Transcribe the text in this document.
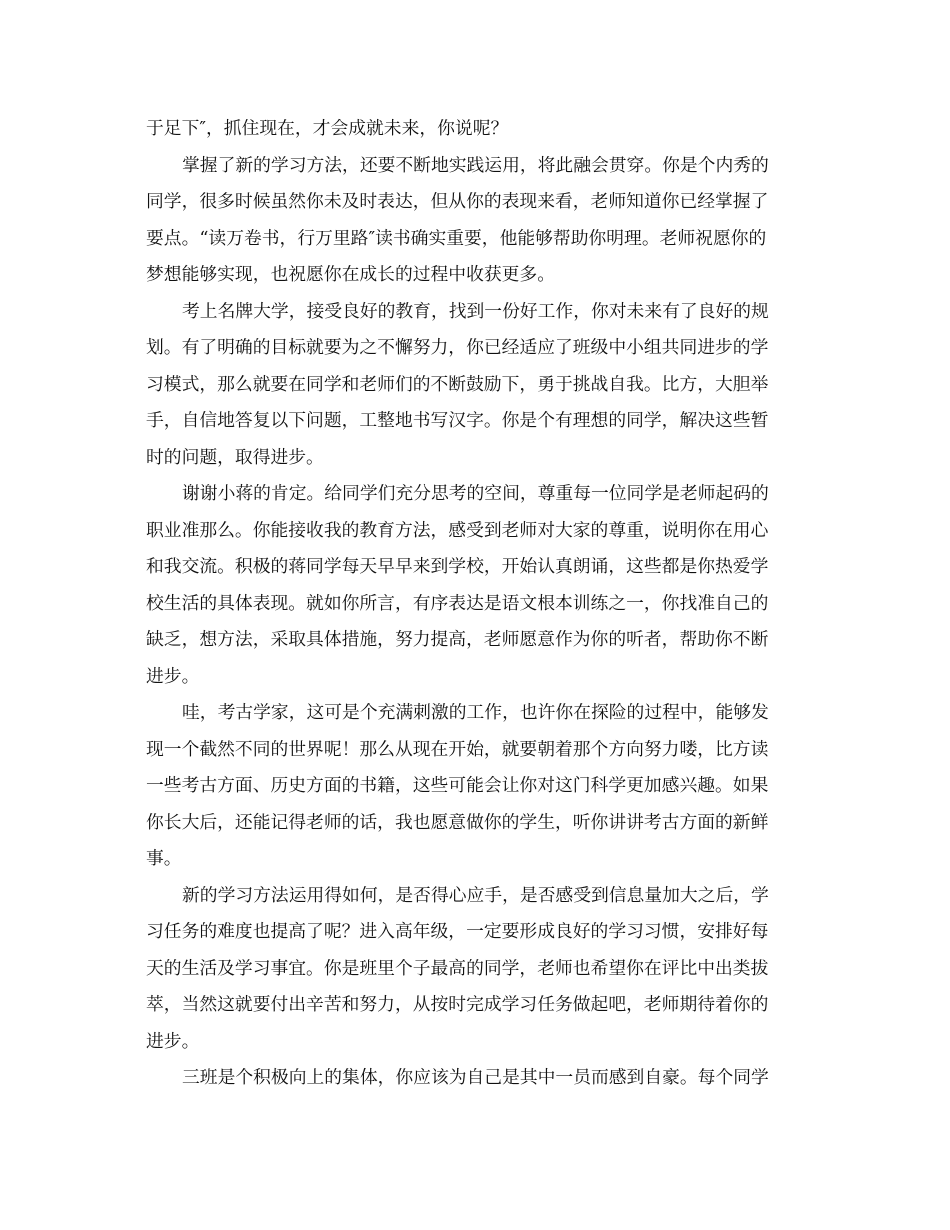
于足下″，抓住现在，才会成就未来，你说呢？
掌握了新的学习方法，还要不断地实践运用，将此融会贯穿。你是个内秀的
同学，很多时候虽然你未及时表达，但从你的表现来看，老师知道你已经掌握了
要点。“读万卷书，行万里路″读书确实重要，他能够帮助你明理。老师祝愿你的
梦想能够实现，也祝愿你在成长的过程中收获更多。
考上名牌大学，接受良好的教育，找到一份好工作，你对未来有了良好的规
划。有了明确的目标就要为之不懈努力，你已经适应了班级中小组共同进步的学
习模式，那么就要在同学和老师们的不断鼓励下，勇于挑战自我。比方，大胆举
手，自信地答复以下问题，工整地书写汉字。你是个有理想的同学，解决这些暂
时的问题，取得进步。
谢谢小蒋的肯定。给同学们充分思考的空间，尊重每一位同学是老师起码的
职业准那么。你能接收我的教育方法，感受到老师对大家的尊重，说明你在用心
和我交流。积极的蒋同学每天早早来到学校，开始认真朗诵，这些都是你热爱学
校生活的具体表现。就如你所言，有序表达是语文根本训练之一，你找准自己的
缺乏，想方法，采取具体措施，努力提高，老师愿意作为你的听者，帮助你不断
进步。
哇，考古学家，这可是个充满刺激的工作，也许你在探险的过程中，能够发
现一个截然不同的世界呢！那么从现在开始，就要朝着那个方向努力喽，比方读
一些考古方面、历史方面的书籍，这些可能会让你对这门科学更加感兴趣。如果
你长大后，还能记得老师的话，我也愿意做你的学生，听你讲讲考古方面的新鲜
事。
新的学习方法运用得如何，是否得心应手，是否感受到信息量加大之后，学
习任务的难度也提高了呢？进入高年级，一定要形成良好的学习习惯，安排好每
天的生活及学习事宜。你是班里个子最高的同学，老师也希望你在评比中出类拔
萃，当然这就要付出辛苦和努力，从按时完成学习任务做起吧，老师期待着你的
进步。
三班是个积极向上的集体，你应该为自己是其中一员而感到自豪。每个同学
